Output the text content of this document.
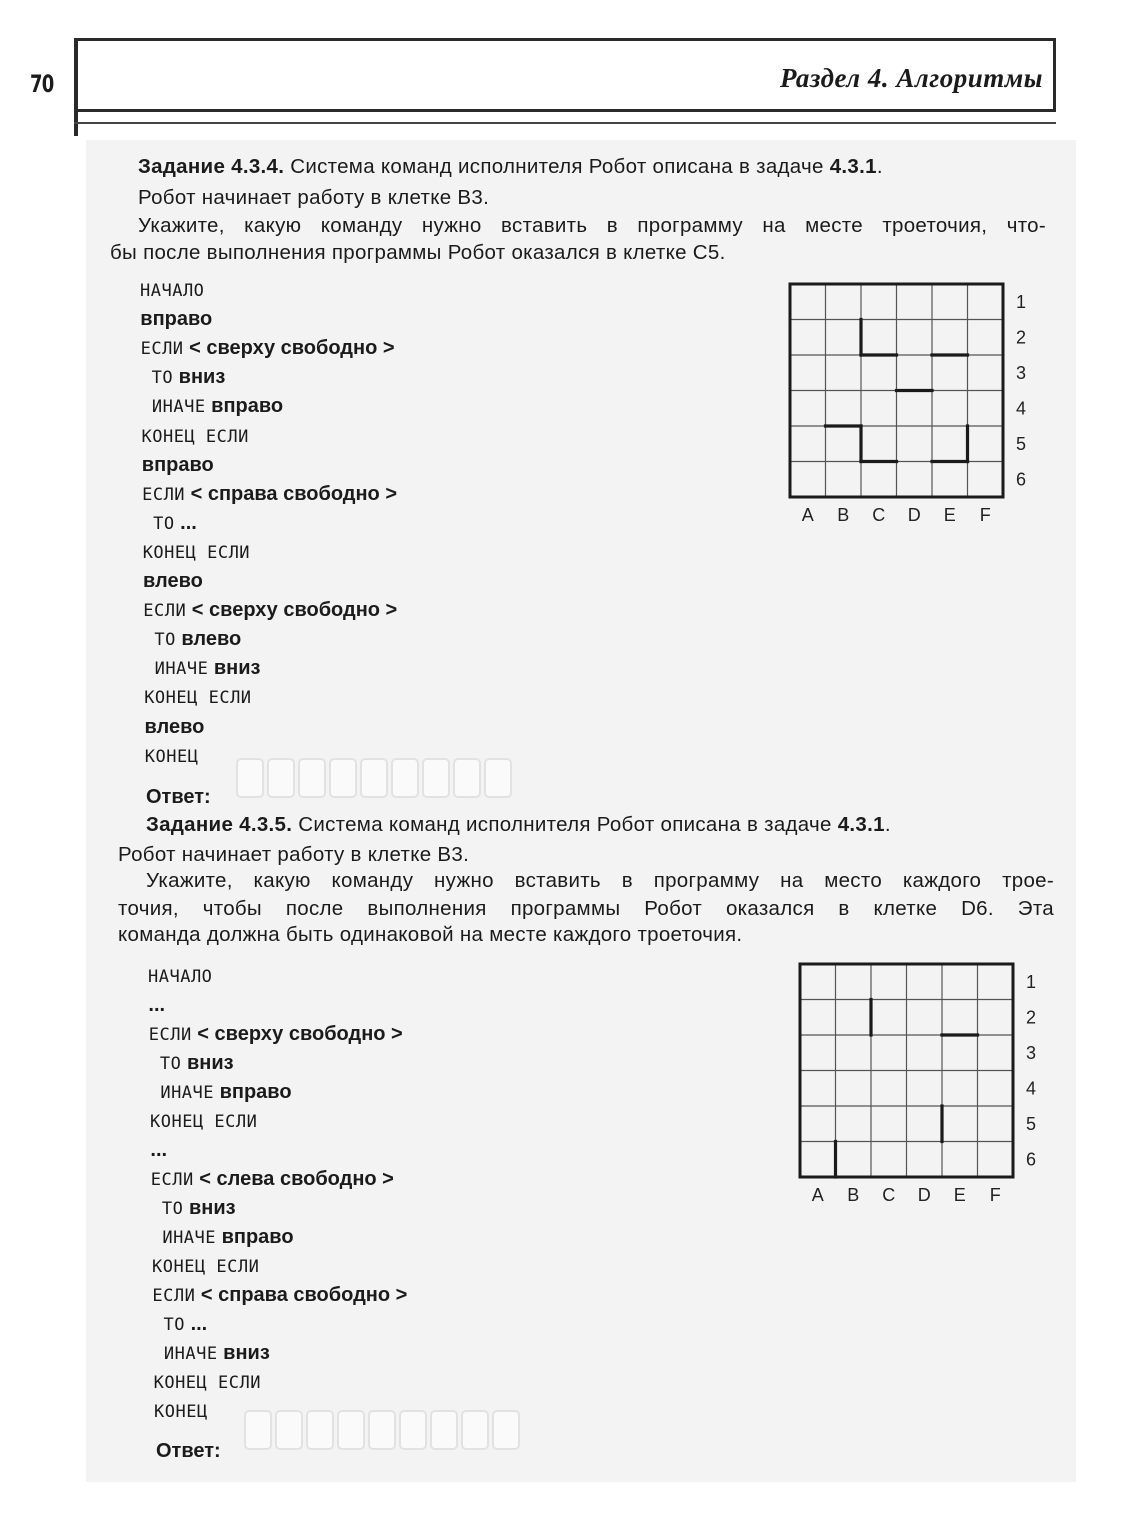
70	Раздел 4. Алгоритмы
Задание 4.3.4. Система команд исполнителя Робот описана в задаче 4.3.1.
Робот начинает работу в клетке В3.
Укажите, какую команду нужно вставить в программу на месте троеточия, что-
бы после выполнения программы Робот оказался в клетке С5.
НАЧАЛО
вправо
ЕСЛИ < сверху свободно >
ТО вниз
ИНАЧЕ вправо
КОНЕЦ ЕСЛИ
вправо
ЕСЛИ < справа свободно >
ТО ...
КОНЕЦ ЕСЛИ
влево
ЕСЛИ < сверху свободно >
ТО влево
ИНАЧЕ вниз
КОНЕЦ ЕСЛИ
влево
КОНЕЦ
Ответ:
A B C D E F
1
2
3
4
5
6
Задание 4.3.5. Система команд исполнителя Робот описана в задаче 4.3.1.
Робот начинает работу в клетке В3.
Укажите, какую команду нужно вставить в программу на место каждого трое-
точия, чтобы после выполнения программы Робот оказался в клетке D6. Эта
команда должна быть одинаковой на месте каждого троеточия.
НАЧАЛО
...
ЕСЛИ < сверху свободно >
ТО вниз
ИНАЧЕ вправо
КОНЕЦ ЕСЛИ
...
ЕСЛИ < слева свободно >
ТО вниз
ИНАЧЕ вправо
КОНЕЦ ЕСЛИ
ЕСЛИ < справа свободно >
ТО ...
ИНАЧЕ вниз
КОНЕЦ ЕСЛИ
КОНЕЦ
Ответ:
A B C D E F
1
2
3
4
5
6
